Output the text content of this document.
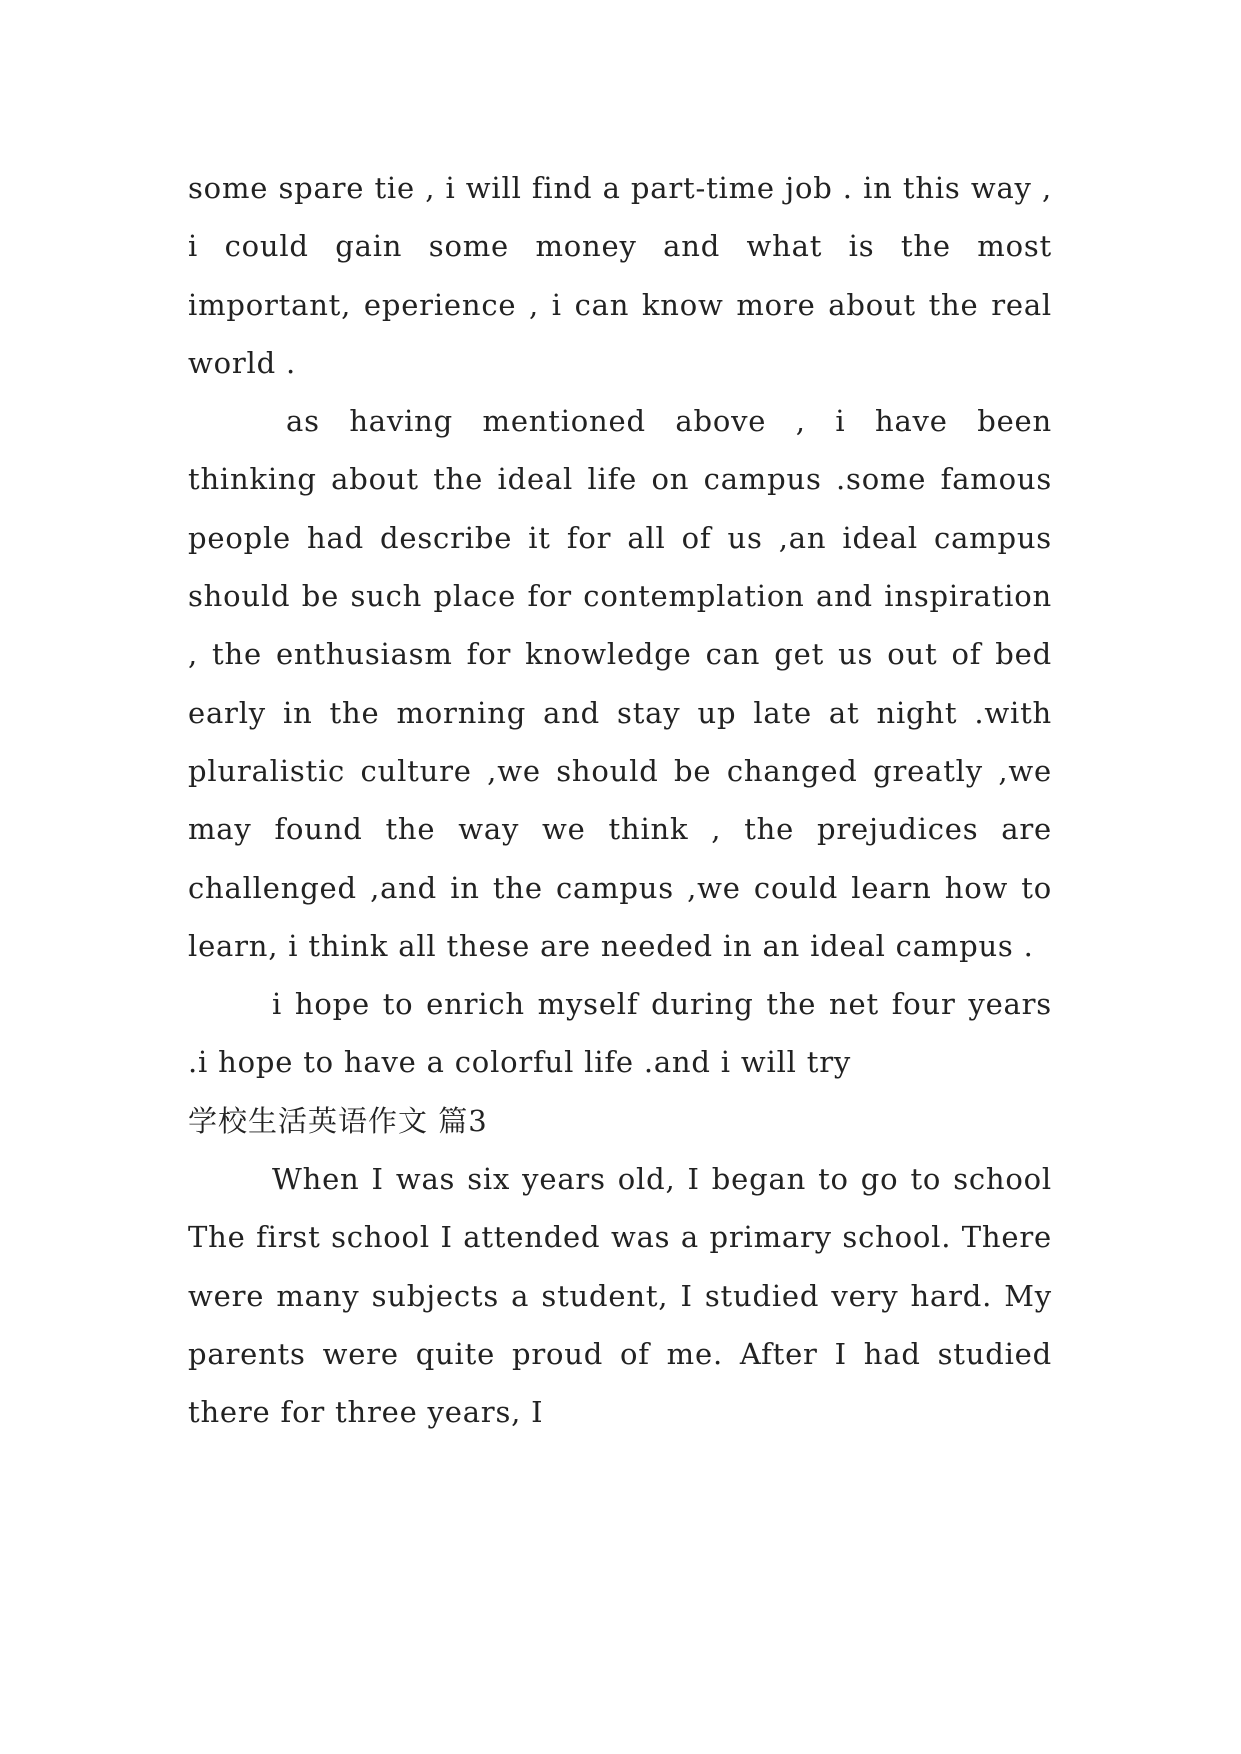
some spare tie , i will find a part-time job . in this way , i could gain some money and what is the most important, eperience , i can know more about the real world .

as having mentioned above , i have been thinking about the ideal life on campus .some famous people had describe it for all of us ,an ideal campus should be such place for contemplation and inspiration , the enthusiasm for knowledge can get us out of bed early in the morning and stay up late at night .with pluralistic culture ,we should be changed greatly ,we may found the way we think , the prejudices are challenged ,and in the campus ,we could learn how to learn, i think all these are needed in an ideal campus .

i hope to enrich myself during the net four years .i hope to have a colorful life .and i will try

学校生活英语作文 篇3

When I was six years old, I began to go to school The first school I attended was a primary school. There were many subjects a student, I studied very hard. My parents were quite proud of me. After I had studied there for three years, I
